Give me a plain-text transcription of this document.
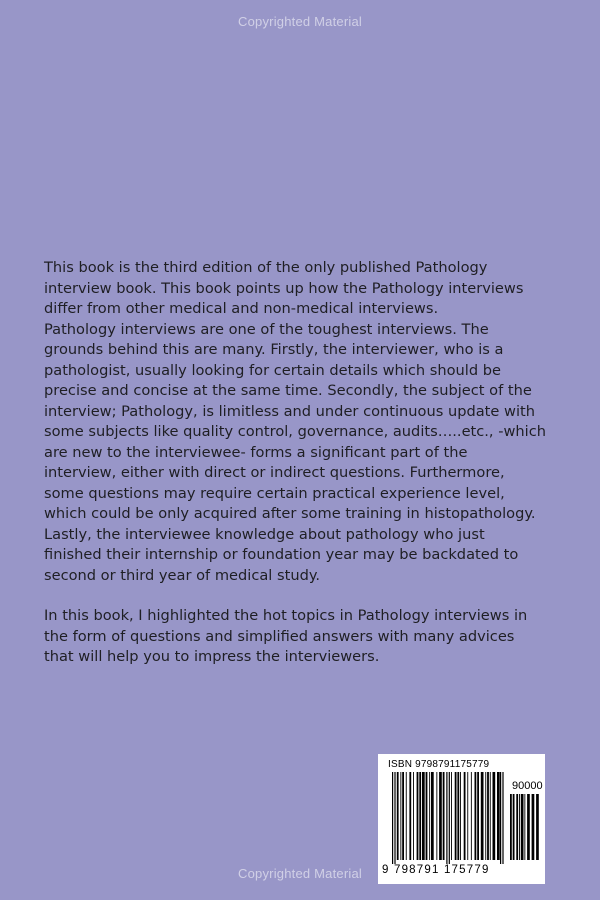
Copyrighted Material

This book is the third edition of the only published Pathology
interview book. This book points up how the Pathology interviews
differ from other medical and non-medical interviews.
Pathology interviews are one of the toughest interviews. The
grounds behind this are many. Firstly, the interviewer, who is a
pathologist, usually looking for certain details which should be
precise and concise at the same time. Secondly, the subject of the
interview; Pathology, is limitless and under continuous update with
some subjects like quality control, governance, audits…..etc., -which
are new to the interviewee- forms a significant part of the
interview, either with direct or indirect questions. Furthermore,
some questions may require certain practical experience level,
which could be only acquired after some training in histopathology.
Lastly, the interviewee knowledge about pathology who just
finished their internship or foundation year may be backdated to
second or third year of medical study.

In this book, I highlighted the hot topics in Pathology interviews in
the form of questions and simplified answers with many advices
that will help you to impress the interviewers.

ISBN 9798791175779
90000
9 798791 175779
Copyrighted Material
